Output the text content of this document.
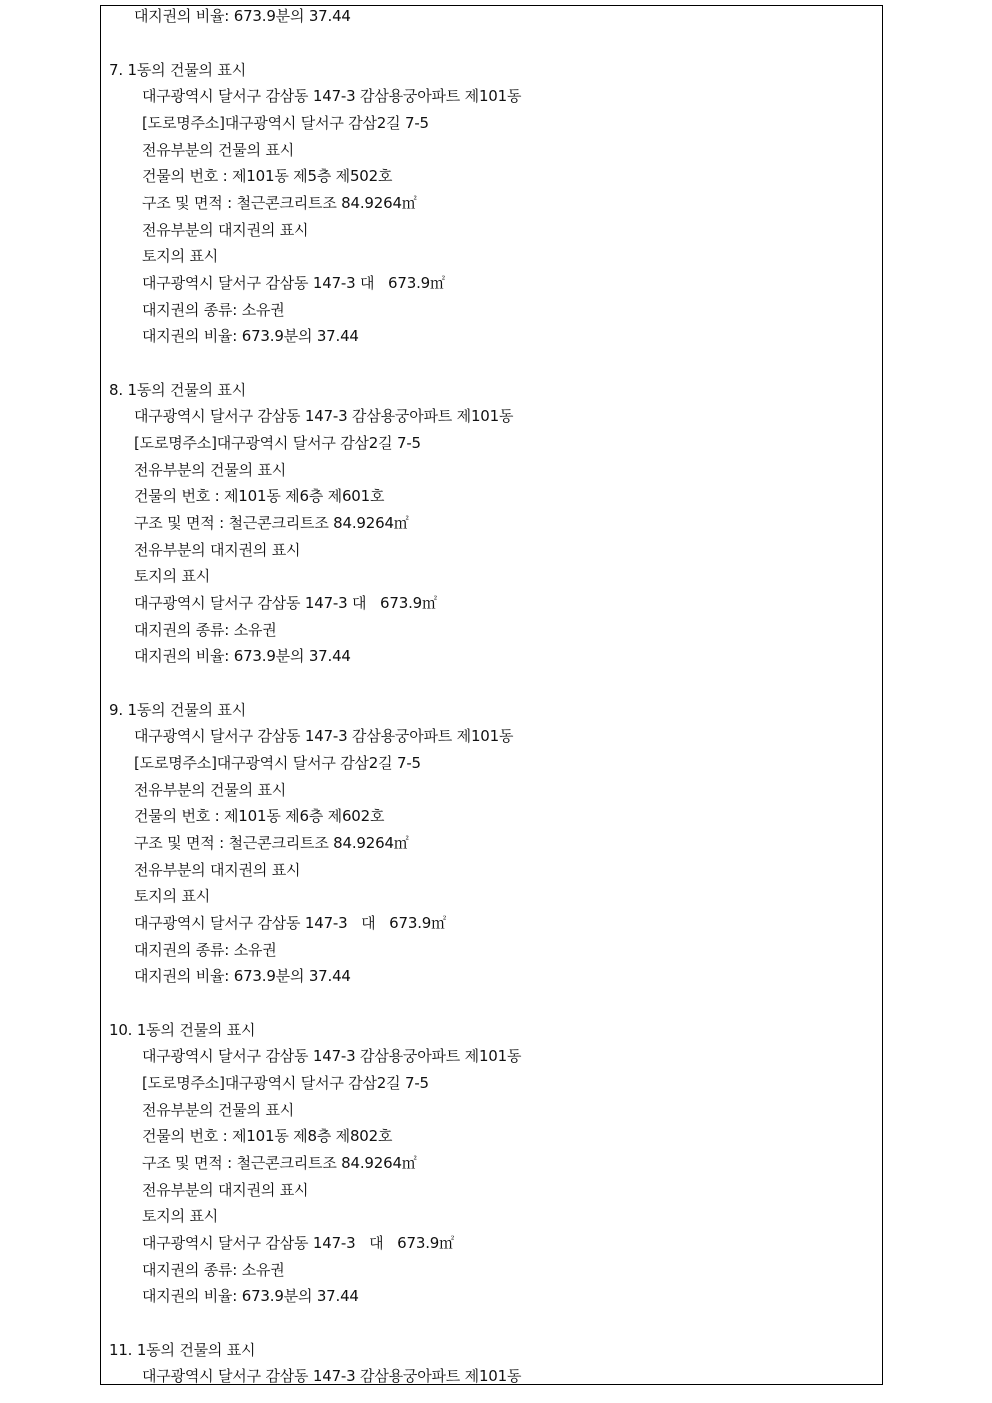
대지권의 비율: 673.9분의 37.44
7. 1동의 건물의 표시
대구광역시 달서구 감삼동 147-3 감삼용궁아파트 제101동
[도로명주소]대구광역시 달서구 감삼2길 7-5
전유부분의 건물의 표시
건물의 번호 : 제101동 제5층 제502호
구조 및 면적 : 철근콘크리트조 84.9264㎡
전유부분의 대지권의 표시
토지의 표시
대구광역시 달서구 감삼동 147-3 대   673.9㎡
대지권의 종류: 소유권
대지권의 비율: 673.9분의 37.44
8. 1동의 건물의 표시
대구광역시 달서구 감삼동 147-3 감삼용궁아파트 제101동
[도로명주소]대구광역시 달서구 감삼2길 7-5
전유부분의 건물의 표시
건물의 번호 : 제101동 제6층 제601호
구조 및 면적 : 철근콘크리트조 84.9264㎡
전유부분의 대지권의 표시
토지의 표시
대구광역시 달서구 감삼동 147-3 대   673.9㎡
대지권의 종류: 소유권
대지권의 비율: 673.9분의 37.44
9. 1동의 건물의 표시
대구광역시 달서구 감삼동 147-3 감삼용궁아파트 제101동
[도로명주소]대구광역시 달서구 감삼2길 7-5
전유부분의 건물의 표시
건물의 번호 : 제101동 제6층 제602호
구조 및 면적 : 철근콘크리트조 84.9264㎡
전유부분의 대지권의 표시
토지의 표시
대구광역시 달서구 감삼동 147-3   대   673.9㎡
대지권의 종류: 소유권
대지권의 비율: 673.9분의 37.44
10. 1동의 건물의 표시
대구광역시 달서구 감삼동 147-3 감삼용궁아파트 제101동
[도로명주소]대구광역시 달서구 감삼2길 7-5
전유부분의 건물의 표시
건물의 번호 : 제101동 제8층 제802호
구조 및 면적 : 철근콘크리트조 84.9264㎡
전유부분의 대지권의 표시
토지의 표시
대구광역시 달서구 감삼동 147-3   대   673.9㎡
대지권의 종류: 소유권
대지권의 비율: 673.9분의 37.44
11. 1동의 건물의 표시
대구광역시 달서구 감삼동 147-3 감삼용궁아파트 제101동
